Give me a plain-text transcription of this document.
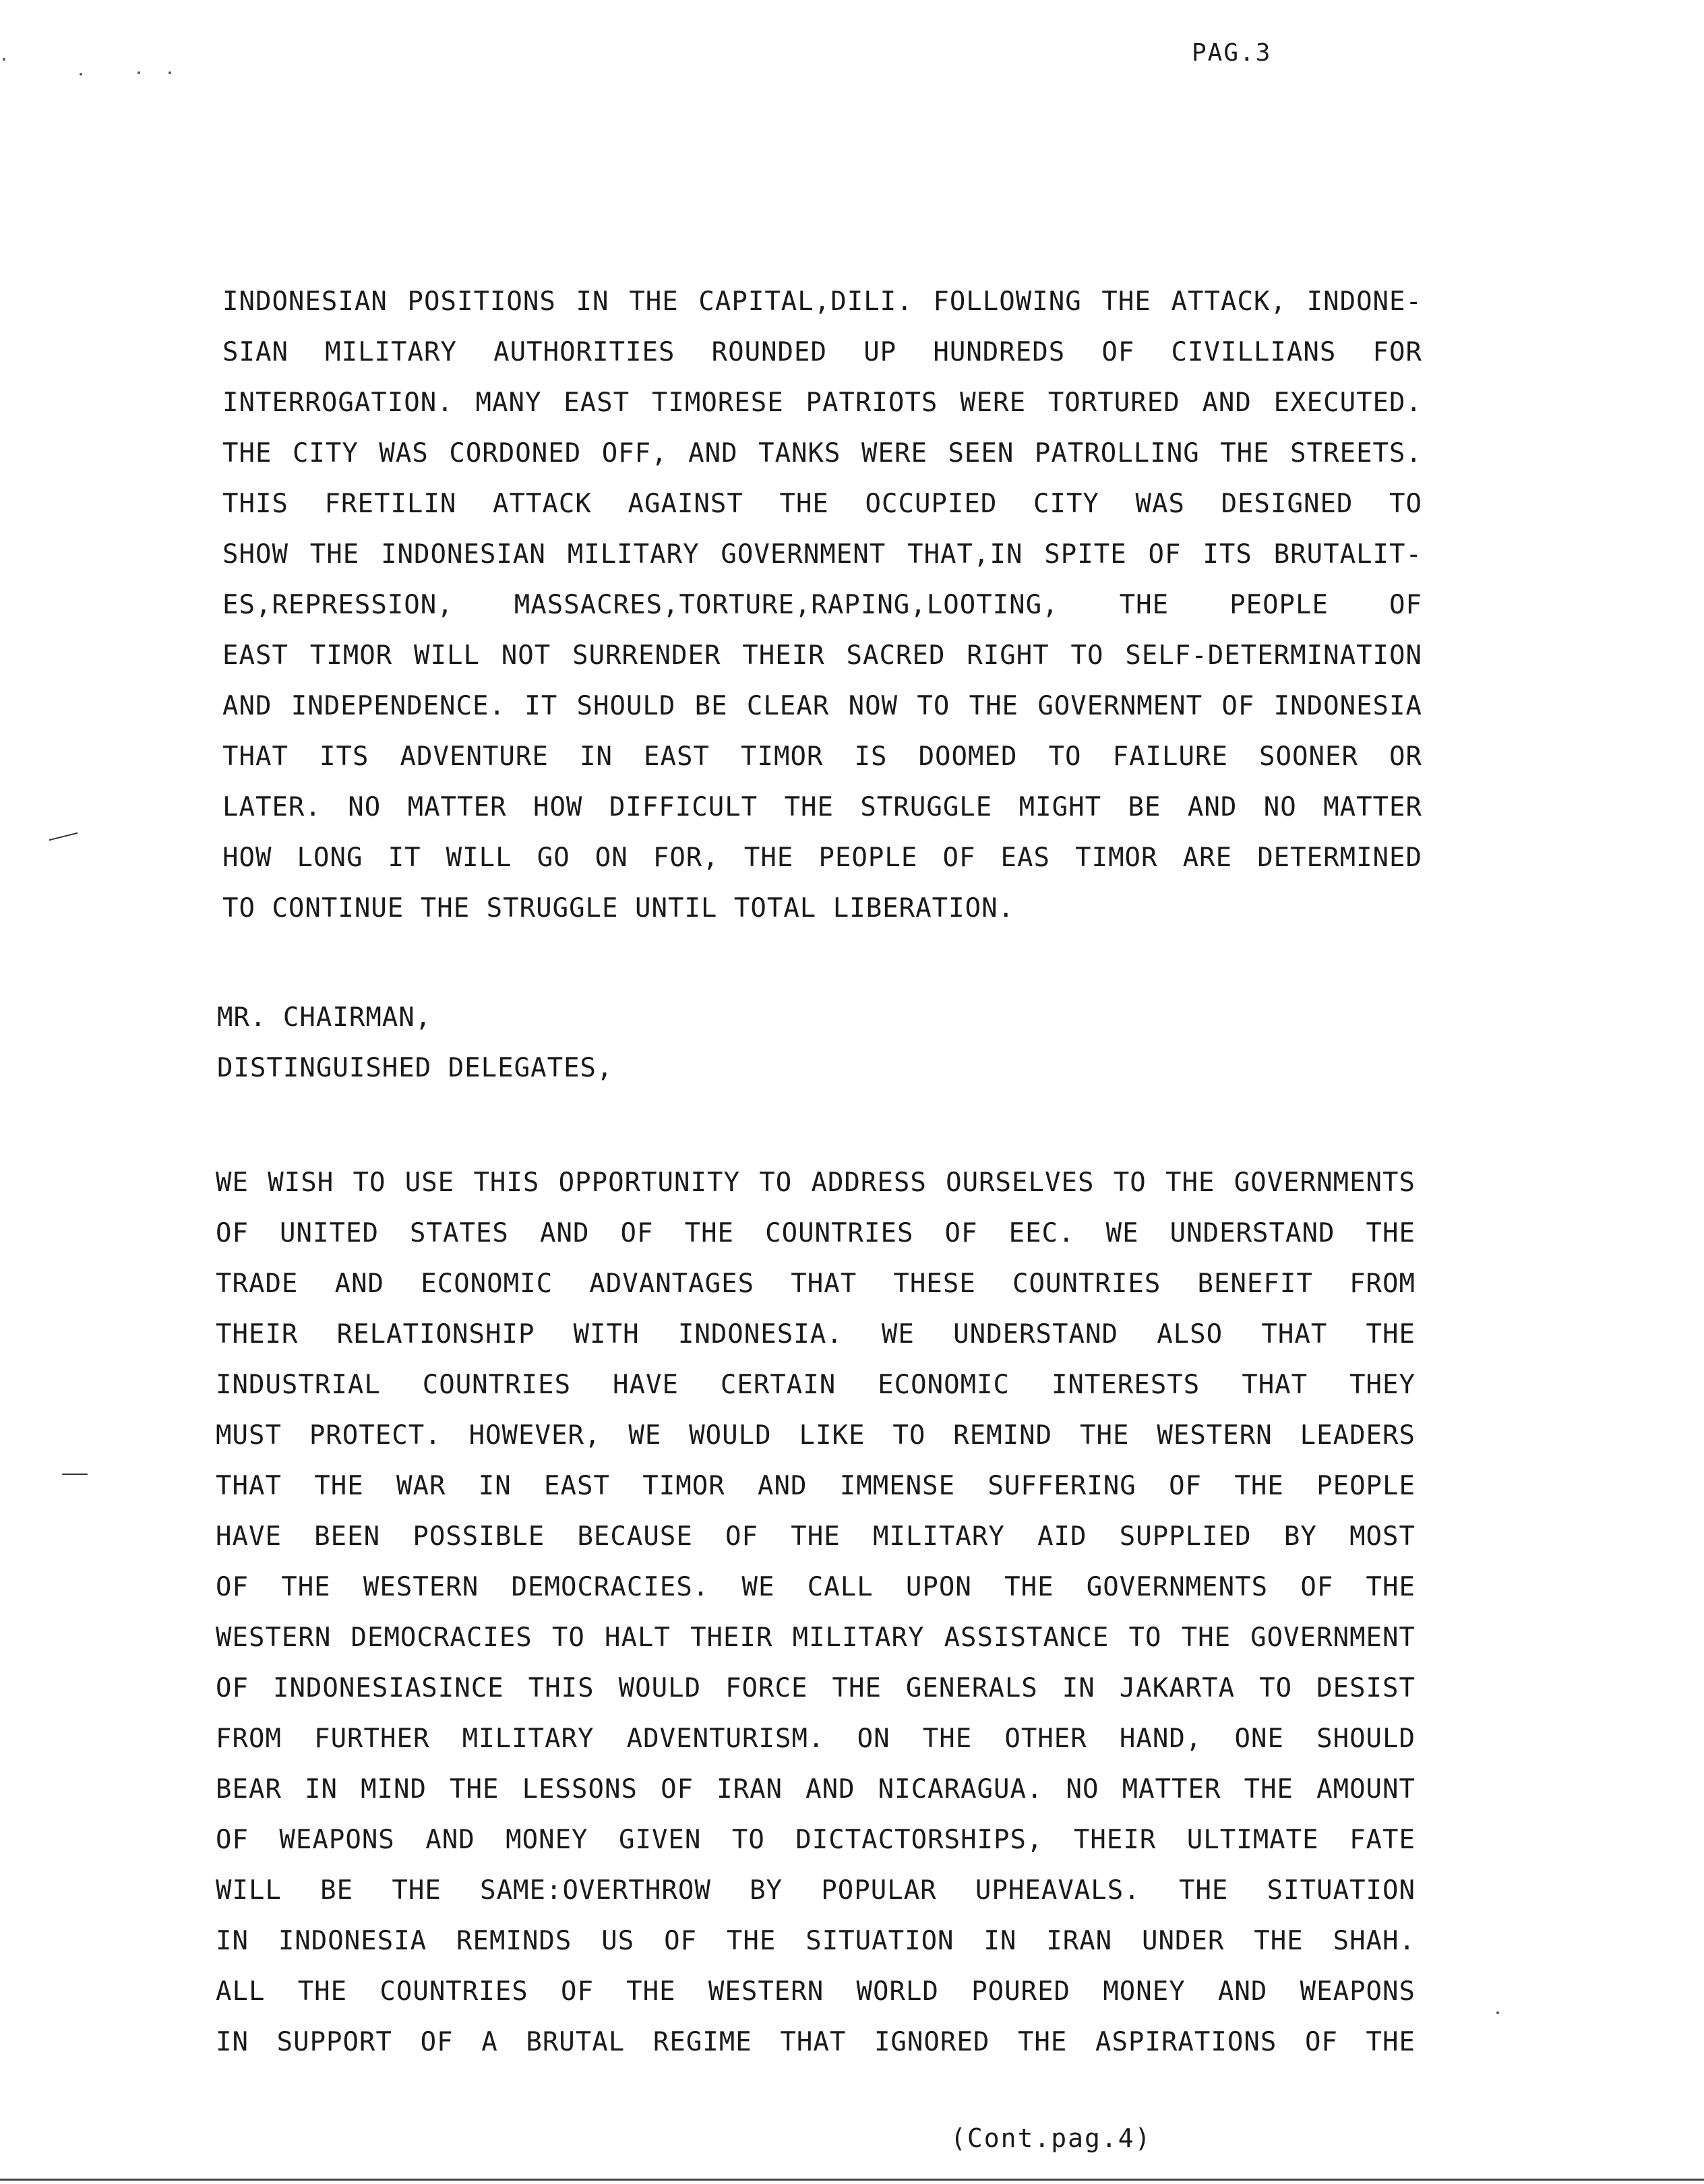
PAG.3
INDONESIAN POSITIONS IN THE CAPITAL,DILI. FOLLOWING THE ATTACK, INDONE-
SIAN MILITARY AUTHORITIES ROUNDED UP HUNDREDS OF CIVILLIANS FOR
INTERROGATION. MANY EAST TIMORESE PATRIOTS WERE TORTURED AND EXECUTED.
THE CITY WAS CORDONED OFF, AND TANKS WERE SEEN PATROLLING THE STREETS.
THIS FRETILIN ATTACK AGAINST THE OCCUPIED CITY WAS DESIGNED TO
SHOW THE INDONESIAN MILITARY GOVERNMENT THAT,IN SPITE OF ITS BRUTALIT-
ES,REPRESSION, MASSACRES,TORTURE,RAPING,LOOTING, THE PEOPLE OF
EAST TIMOR WILL NOT SURRENDER THEIR SACRED RIGHT TO SELF-DETERMINATION
AND INDEPENDENCE. IT SHOULD BE CLEAR NOW TO THE GOVERNMENT OF INDONESIA
THAT ITS ADVENTURE IN EAST TIMOR IS DOOMED TO FAILURE SOONER OR
LATER. NO MATTER HOW DIFFICULT THE STRUGGLE MIGHT BE AND NO MATTER
HOW LONG IT WILL GO ON FOR, THE PEOPLE OF EAS TIMOR ARE DETERMINED
TO CONTINUE THE STRUGGLE UNTIL TOTAL LIBERATION.
MR. CHAIRMAN,
DISTINGUISHED DELEGATES,
WE WISH TO USE THIS OPPORTUNITY TO ADDRESS OURSELVES TO THE GOVERNMENTS
OF UNITED STATES AND OF THE COUNTRIES OF EEC. WE UNDERSTAND THE
TRADE AND ECONOMIC ADVANTAGES THAT THESE COUNTRIES BENEFIT FROM
THEIR RELATIONSHIP WITH INDONESIA. WE UNDERSTAND ALSO THAT THE
INDUSTRIAL COUNTRIES HAVE CERTAIN ECONOMIC INTERESTS THAT THEY
MUST PROTECT. HOWEVER, WE WOULD LIKE TO REMIND THE WESTERN LEADERS
THAT THE WAR IN EAST TIMOR AND IMMENSE SUFFERING OF THE PEOPLE
HAVE BEEN POSSIBLE BECAUSE OF THE MILITARY AID SUPPLIED BY MOST
OF THE WESTERN DEMOCRACIES. WE CALL UPON THE GOVERNMENTS OF THE
WESTERN DEMOCRACIES TO HALT THEIR MILITARY ASSISTANCE TO THE GOVERNMENT
OF INDONESIASINCE THIS WOULD FORCE THE GENERALS IN JAKARTA TO DESIST
FROM FURTHER MILITARY ADVENTURISM. ON THE OTHER HAND, ONE SHOULD
BEAR IN MIND THE LESSONS OF IRAN AND NICARAGUA. NO MATTER THE AMOUNT
OF WEAPONS AND MONEY GIVEN TO DICTACTORSHIPS, THEIR ULTIMATE FATE
WILL BE THE SAME:OVERTHROW BY POPULAR UPHEAVALS. THE SITUATION
IN INDONESIA REMINDS US OF THE SITUATION IN IRAN UNDER THE SHAH.
ALL THE COUNTRIES OF THE WESTERN WORLD POURED MONEY AND WEAPONS
IN SUPPORT OF A BRUTAL REGIME THAT IGNORED THE ASPIRATIONS OF THE
(Cont.pag.4)
